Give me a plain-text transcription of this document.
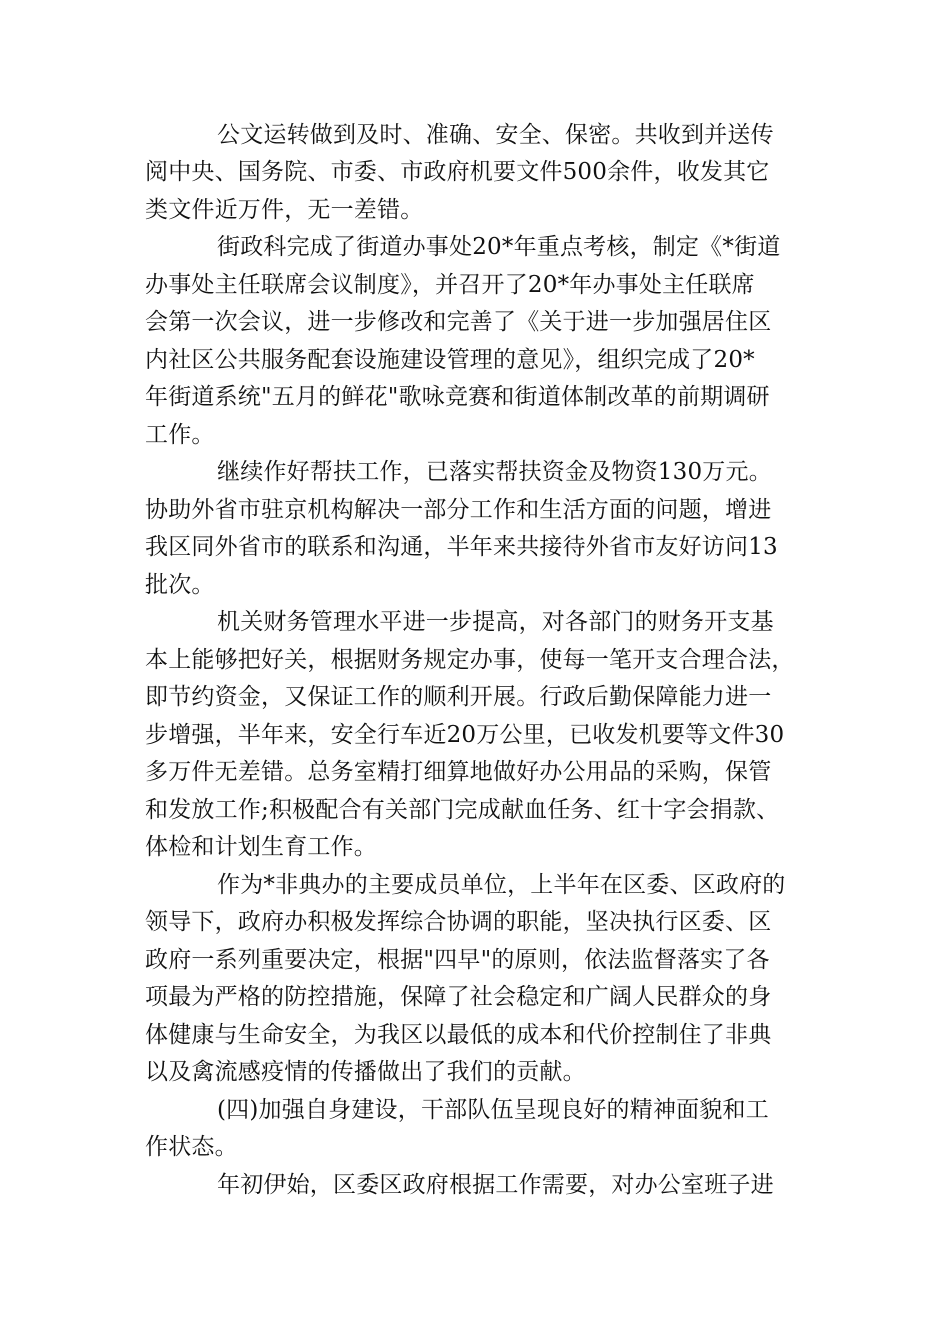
公文运转做到及时、准确、安全、保密。共收到并送传
阅中央、国务院、市委、市政府机要文件500余件，收发其它
类文件近万件，无一差错。
街政科完成了街道办事处20*年重点考核，制定《*街道
办事处主任联席会议制度》，并召开了20*年办事处主任联席
会第一次会议，进一步修改和完善了《关于进一步加强居住区
内社区公共服务配套设施建设管理的意见》，组织完成了20*
年街道系统"五月的鲜花"歌咏竞赛和街道体制改革的前期调研
工作。
继续作好帮扶工作，已落实帮扶资金及物资130万元。
协助外省市驻京机构解决一部分工作和生活方面的问题，增进
我区同外省市的联系和沟通，半年来共接待外省市友好访问13
批次。
机关财务管理水平进一步提高，对各部门的财务开支基
本上能够把好关，根据财务规定办事，使每一笔开支合理合法，
即节约资金，又保证工作的顺利开展。行政后勤保障能力进一
步增强，半年来，安全行车近20万公里，已收发机要等文件30
多万件无差错。总务室精打细算地做好办公用品的采购，保管
和发放工作;积极配合有关部门完成献血任务、红十字会捐款、
体检和计划生育工作。
作为*非典办的主要成员单位，上半年在区委、区政府的
领导下，政府办积极发挥综合协调的职能，坚决执行区委、区
政府一系列重要决定，根据"四早"的原则，依法监督落实了各
项最为严格的防控措施，保障了社会稳定和广阔人民群众的身
体健康与生命安全，为我区以最低的成本和代价控制住了非典
以及禽流感疫情的传播做出了我们的贡献。
(四)加强自身建设，干部队伍呈现良好的精神面貌和工
作状态。
年初伊始，区委区政府根据工作需要，对办公室班子进
